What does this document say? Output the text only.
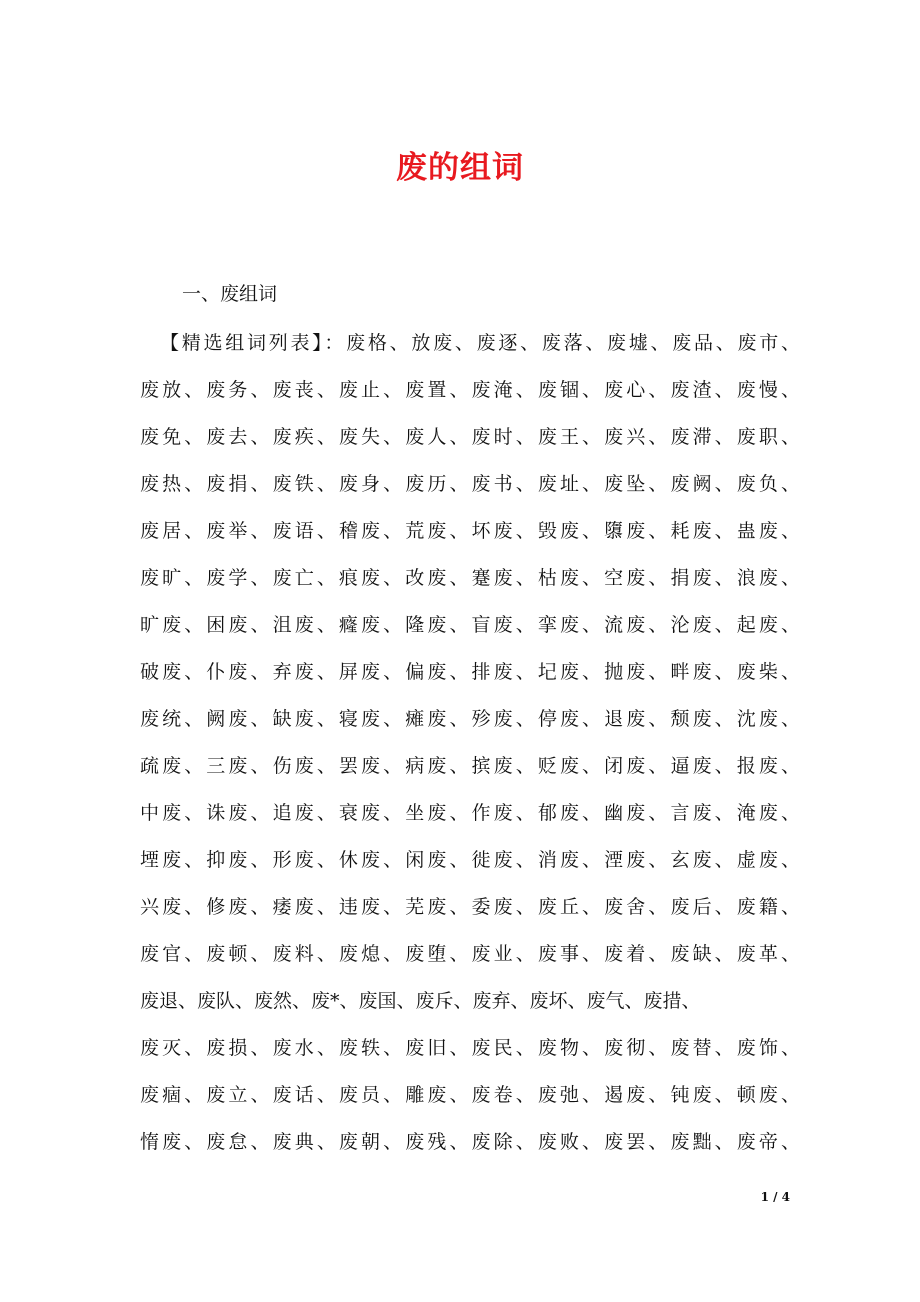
废的组词
一、废组词
【精选组词列表】：废格、放废、废逐、废落、废墟、废品、废市、
废放、废务、废丧、废止、废置、废淹、废锢、废心、废渣、废慢、
废免、废去、废疾、废失、废人、废时、废王、废兴、废滞、废职、
废热、废捐、废铁、废身、废历、废书、废址、废坠、废阙、废负、
废居、废举、废语、稽废、荒废、坏废、毁废、隳废、耗废、蛊废、
废旷、废学、废亡、痕废、改废、蹇废、枯废、空废、捐废、浪废、
旷废、困废、沮废、癃废、隆废、盲废、挛废、流废、沦废、起废、
破废、仆废、弃废、屏废、偏废、排废、圮废、抛废、畔废、废柴、
废统、阙废、缺废、寝废、瘫废、殄废、停废、退废、颓废、沈废、
疏废、三废、伤废、罢废、病废、摈废、贬废、闭废、逼废、报废、
中废、诛废、追废、衰废、坐废、作废、郁废、幽废、言废、淹废、
堙废、抑废、形废、休废、闲废、徙废、消废、湮废、玄废、虚废、
兴废、修废、痿废、违废、芜废、委废、废丘、废舍、废后、废籍、
废官、废顿、废料、废熄、废堕、废业、废事、废着、废缺、废革、
废退、废队、废然、废*、废国、废斥、废弃、废坏、废气、废措、
废灭、废损、废水、废轶、废旧、废民、废物、废彻、废替、废饰、
废痼、废立、废话、废员、雕废、废卷、废弛、遏废、钝废、顿废、
惰废、废怠、废典、废朝、废残、废除、废败、废罢、废黜、废帝、
1 / 4
